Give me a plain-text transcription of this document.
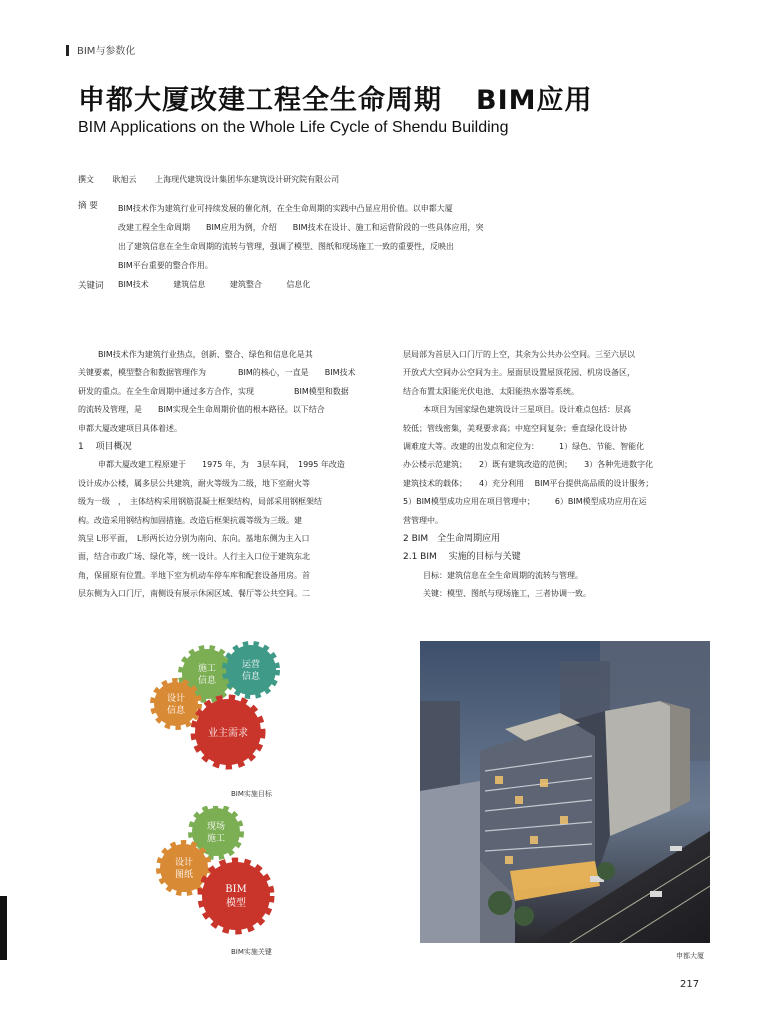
BIM与参数化
申都大厦改建工程全生命周期 BIM应用
BIM Applications on the Whole Life Cycle of Shendu Building
撰文 耿旭云 上海现代建筑设计集团华东建筑设计研究院有限公司
摘 要	BIM技术作为建筑行业可持续发展的催化剂，在全生命周期的实践中凸显应用价值。以申都大厦
改建工程全生命周期　　BIM应用为例，介绍　　BIM技术在设计、施工和运营阶段的一些具体应用，突
出了建筑信息在全生命周期的流转与管理，强调了模型、图纸和现场施工一致的重要性，反映出
BIM平台重要的整合作用。
关键词 BIM技术	建筑信息	建筑整合	信息化
BIM技术作为建筑行业热点，创新、整合、绿色和信息化是其
关键要素，模型整合和数据管理作为　　　　BIM的核心，一直是　　BIM技术
研发的重点。在全生命周期中通过多方合作，实现　　　　　BIM模型和数据
的流转及管理，是　　BIM实现全生命周期价值的根本路径。以下结合
申都大厦改建项目具体着述。
1　 项目概况
申都大厦改建工程原建于　　1975 年，为　3层车间，　1995 年改造
设计成办公楼，属多层公共建筑，耐火等级为二级，地下室耐火等
级为一级　，　主体结构采用钢筋混凝土框架结构，局部采用钢框架结
构。改造采用钢结构加固措施。改造后框架抗震等级为三级。建
筑呈 L形平面，　L形两长边分别为南向、东向。基地东侧为主入口
面，结合市政广场、绿化等，统一设计。人行主入口位于建筑东北
角，保留原有位置。半地下室为机动车停车库和配套设备用房。首
层东侧为入口门厅，南侧设有展示休闲区域、餐厅等公共空间。二
层局部为首层入口门厅的上空，其余为公共办公空间。三至六层以
开放式大空间办公空间为主。屋面层设置屋顶花园、机房设备区，
结合布置太阳能光伏电池、太阳能热水器等系统。
本项目为国家绿色建筑设计三星项目。设计难点包括：层高
较低；管线密集，美观要求高；中庭空间复杂；垂直绿化设计协
调难度大等。改建的出发点和定位为：　　　1）绿色、节能、智能化
办公楼示范建筑；　　2）既有建筑改造的范例；　　3）各种先进数字化
建筑技术的载体；　　4）充分利用　 BIM平台提供高品质的设计服务；
5）BIM模型成功应用在项目管理中；　　　6）BIM模型成功应用在运
营管理中。
2 BIM　全生命周期应用
2.1 BIM　 实施的目标与关键
目标：建筑信息在全生命周期的流转与管理。
关键：模型、图纸与现场施工，三者协调一致。
施工
信息
运营
信息
设计
信息
业主需求
BIM实施目标
现场
施工
设计
图纸
BIM
模型
BIM实施关键	申都大厦
217
